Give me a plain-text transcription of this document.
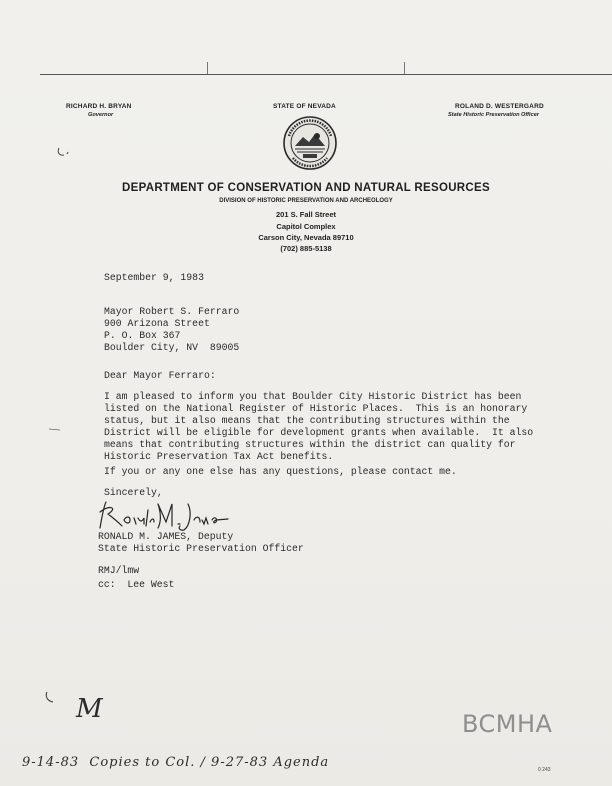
RICHARD H. BRYAN
Governor
STATE OF NEVADA	ROLAND D. WESTERGARD
State Historic Preservation Officer
DEPARTMENT OF CONSERVATION AND NATURAL RESOURCES
DIVISION OF HISTORIC PRESERVATION AND ARCHEOLOGY
201 S. Fall Street
Capitol Complex
Carson City, Nevada 89710
(702) 885-5138
September 9, 1983
Mayor Robert S. Ferraro
900 Arizona Street
P. O. Box 367
Boulder City, NV  89005
Dear Mayor Ferraro:
I am pleased to inform you that Boulder City Historic District has been
listed on the National Register of Historic Places.  This is an honorary
status, but it also means that the contributing structures within the
District will be eligible for development grants when available.  It also
means that contributing structures within the district can quality for
Historic Preservation Tax Act benefits.
If you or any one else has any questions, please contact me.
Sincerely,
RONALD M. JAMES, Deputy
State Historic Preservation Officer
RMJ/lmw
cc:  Lee West
M
9-14-83  Copies to Col. / 9-27-83 Agenda
BCMHA
0 243
